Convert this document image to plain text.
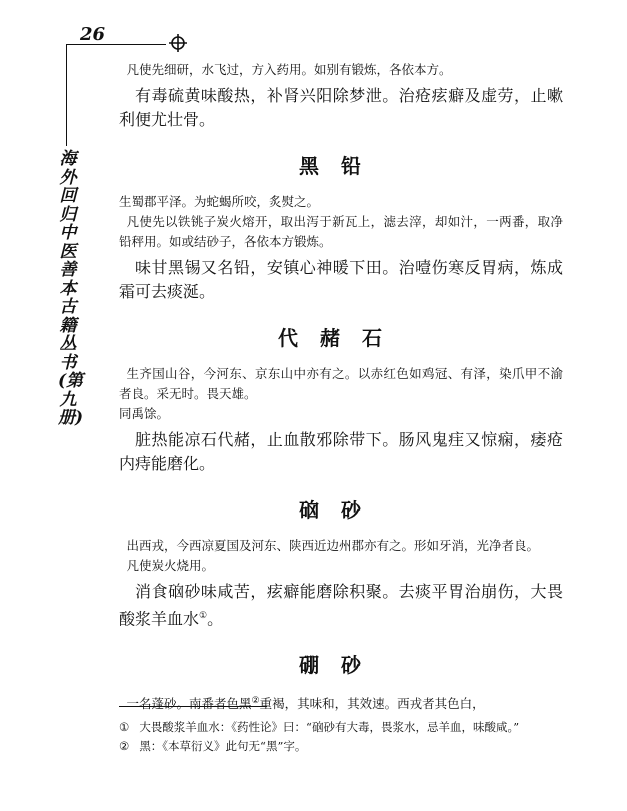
26
海外回归中医善本古籍丛书(第九册)

凡使先细研，水飞过，方入药用。如别有锻炼，各依本方。

有毒硫黄味酸热，补肾兴阳除梦泄。治疮痃癖及虚劳，止嗽利便尤壮骨。

黑铅

生蜀郡平泽。为蛇蝎所咬，炙熨之。

凡使先以铁铫子炭火熔开，取出泻于新瓦上，滤去滓，却如汁，一两番，取净铅秤用。如或结砂子，各依本方锻炼。

味甘黑锡又名铅，安镇心神暖下田。治噎伤寒反胃病，炼成霜可去痰涎。

代赭石

生齐国山谷，今河东、京东山中亦有之。以赤红色如鸡冠、有泽，染爪甲不渝者良。采无时。畏天雄。

同禹馀。

脏热能凉石代赭，止血散邪除带下。肠风鬼疰又惊痫，痿疮内痔能磨化。

硇砂

出西戎，今西凉夏国及河东、陕西近边州郡亦有之。形如牙消，光净者良。

凡使炭火烧用。

消食硇砂味咸苦，痃癖能磨除积聚。去痰平胃治崩伤，大畏酸浆羊血水①。

硼砂

一名蓬砂。南番者色黑②重褐，其味和，其效速。西戎者其色白，

① 大畏酸浆羊血水：《药性论》曰：“硇砂有大毒，畏浆水，忌羊血，味酸咸。”

② 黑：《本草衍义》此句无“黑”字。
